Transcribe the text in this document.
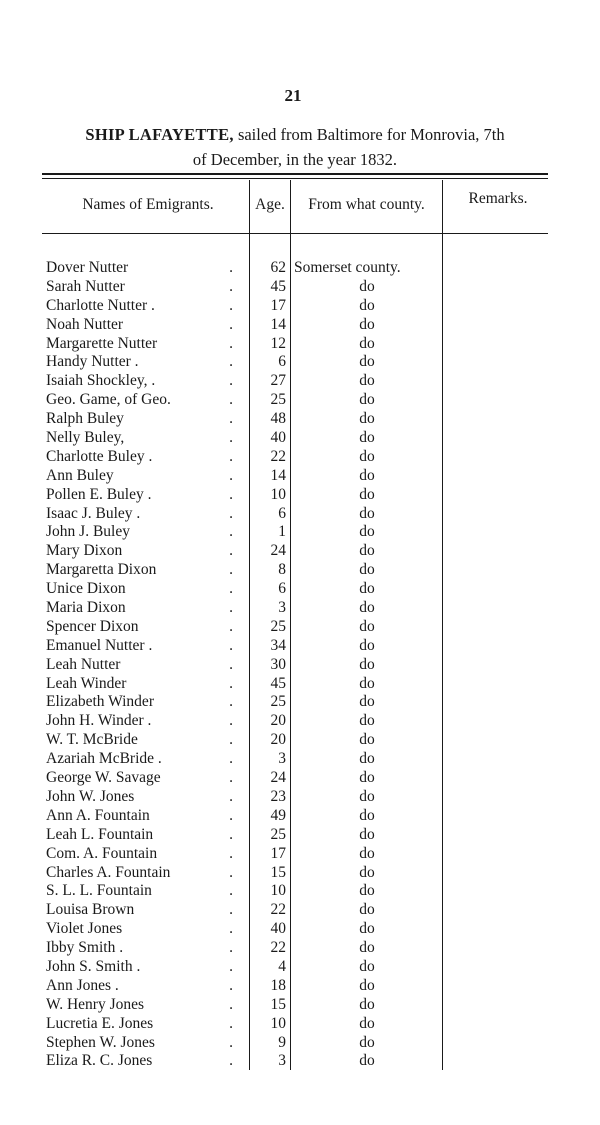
21
SHIP LAFAYETTE, sailed from Baltimore for Monrovia, 7th
of December, in the year 1832.
Names of Emigrants.	Age.	From what county.	Remarks.
Dover Nutter	.	62 Somerset county.
Sarah Nutter	.	45	do
Charlotte Nutter .	.	17	do
Noah Nutter	.	14	do
Margarette Nutter	.	12	do
Handy Nutter .	.	6	do
Isaiah Shockley, .	.	27	do
Geo. Game, of Geo.	.	25	do
Ralph Buley	.	48	do
Nelly Buley,	.	40	do
Charlotte Buley .	.	22	do
Ann Buley	.	14	do
Pollen E. Buley .	.	10	do
Isaac J. Buley .	.	6	do
John J. Buley	.	1	do
Mary Dixon	.	24	do
Margaretta Dixon	.	8	do
Unice Dixon	.	6	do
Maria Dixon	.	3	do
Spencer Dixon	.	25	do
Emanuel Nutter .	.	34	do
Leah Nutter	.	30	do
Leah Winder	.	45	do
Elizabeth Winder	.	25	do
John H. Winder .	.	20	do
W. T. McBride	.	20	do
Azariah McBride .	.	3	do
George W. Savage	.	24	do
John W. Jones	.	23	do
Ann A. Fountain	.	49	do
Leah L. Fountain	.	25	do
Com. A. Fountain	.	17	do
Charles A. Fountain	.	15	do
S. L. L. Fountain	.	10	do
Louisa Brown	.	22	do
Violet Jones	.	40	do
Ibby Smith .	.	22	do
John S. Smith .	.	4	do
Ann Jones .	.	18	do
W. Henry Jones	.	15	do
Lucretia E. Jones	.	10	do
Stephen W. Jones	.	9	do
Eliza R. C. Jones	.	3	do
